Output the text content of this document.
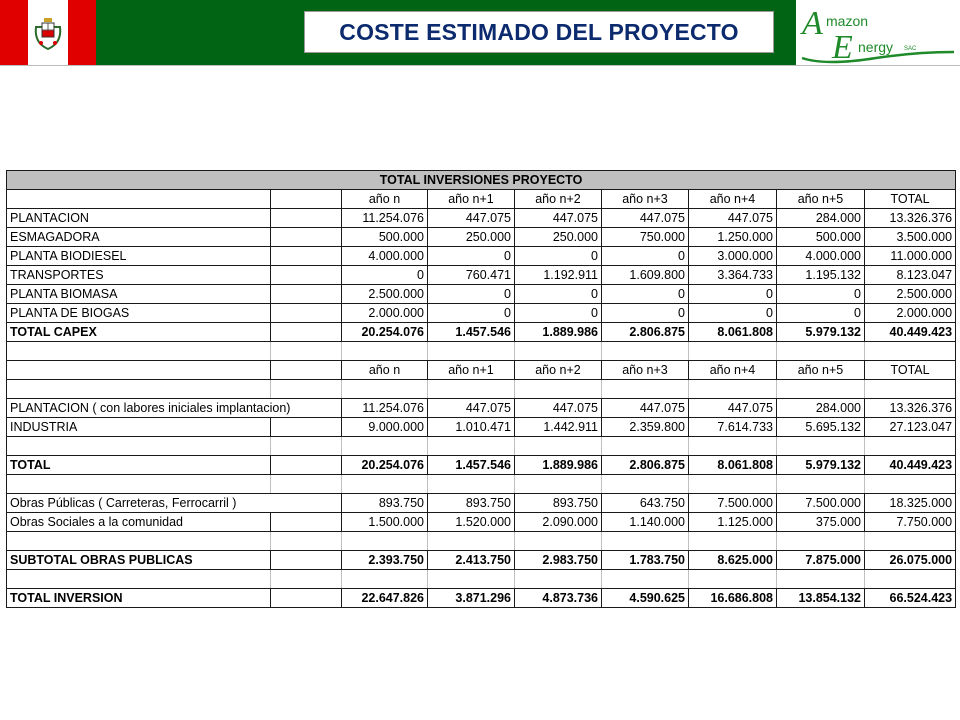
COSTE ESTIMADO DEL PROYECTO	A mazon
E nergy SAC
TOTAL INVERSIONES PROYECTO								
		año n	año n+1	año n+2	año n+3	año n+4	año n+5	TOTAL
PLANTACION		11.254.076	447.075	447.075	447.075	447.075	284.000	13.326.376
ESMAGADORA		500.000	250.000	250.000	750.000	1.250.000	500.000	3.500.000
PLANTA BIODIESEL		4.000.000	0	0	0	3.000.000	4.000.000	11.000.000
TRANSPORTES		0	760.471	1.192.911	1.609.800	3.364.733	1.195.132	8.123.047
PLANTA BIOMASA		2.500.000	0	0	0	0	0	2.500.000
PLANTA DE BIOGAS		2.000.000	0	0	0	0	0	2.000.000
TOTAL CAPEX		20.254.076	1.457.546	1.889.986	2.806.875	8.061.808	5.979.132	40.449.423

		año n	año n+1	año n+2	año n+3	año n+4	año n+5	TOTAL

PLANTACION ( con labores iniciales implantacion)		11.254.076	447.075	447.075	447.075	447.075	284.000	13.326.376
INDUSTRIA		9.000.000	1.010.471	1.442.911	2.359.800	7.614.733	5.695.132	27.123.047

TOTAL		20.254.076	1.457.546	1.889.986	2.806.875	8.061.808	5.979.132	40.449.423

Obras Públicas ( Carreteras, Ferrocarril )		893.750	893.750	893.750	643.750	7.500.000	7.500.000	18.325.000
Obras Sociales a la comunidad		1.500.000	1.520.000	2.090.000	1.140.000	1.125.000	375.000	7.750.000

SUBTOTAL OBRAS PUBLICAS		2.393.750	2.413.750	2.983.750	1.783.750	8.625.000	7.875.000	26.075.000

TOTAL INVERSION		22.647.826	3.871.296	4.873.736	4.590.625	16.686.808	13.854.132	66.524.423
